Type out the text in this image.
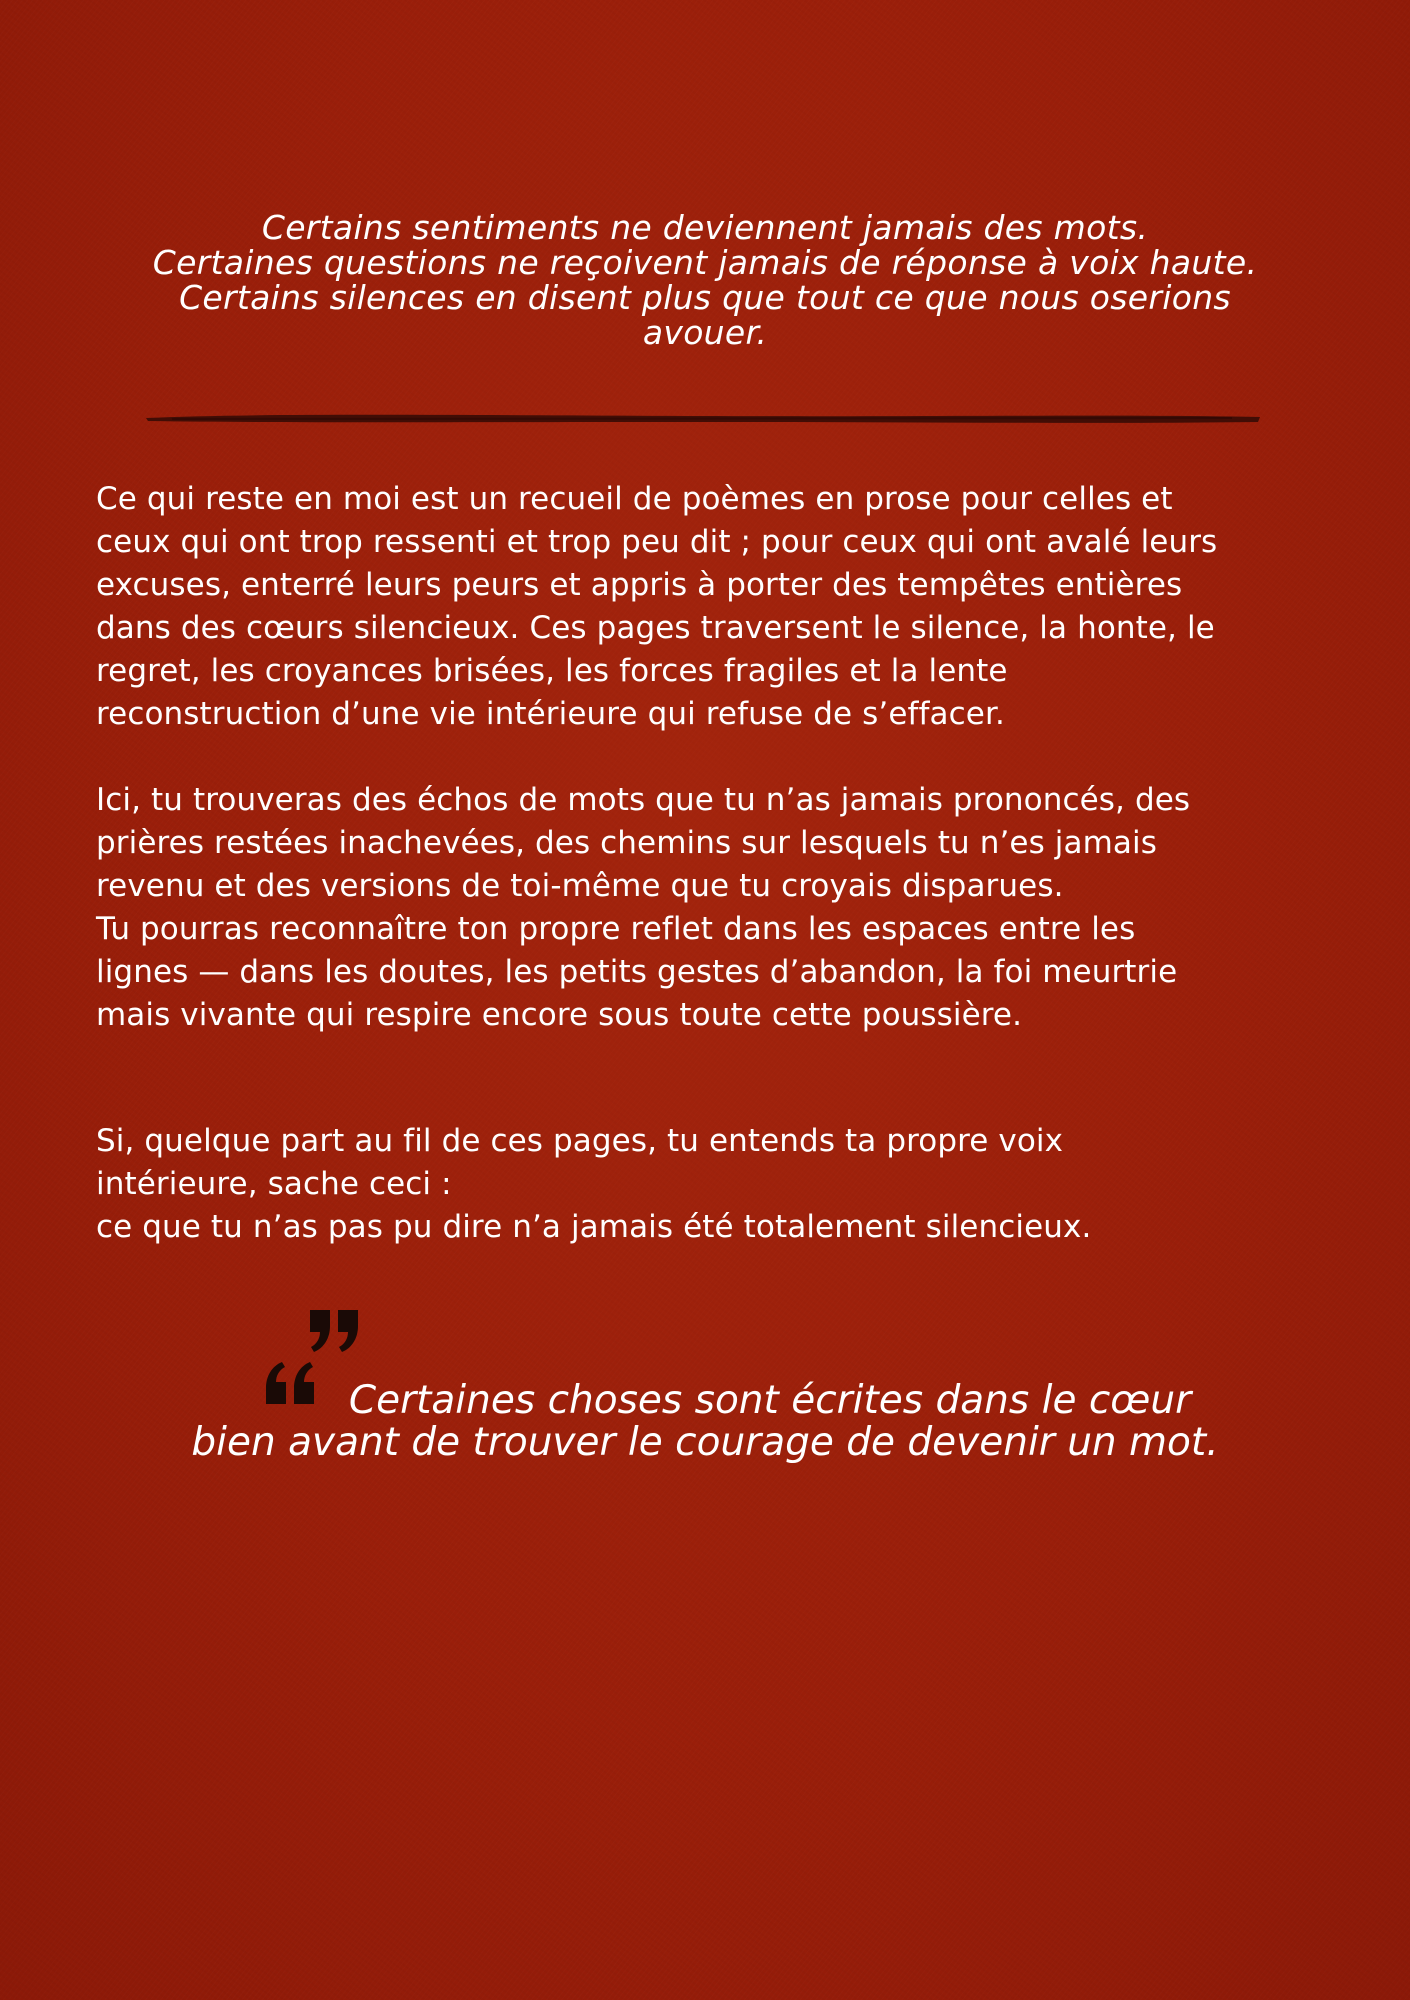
Certains sentiments ne deviennent jamais des mots.
Certaines questions ne reçoivent jamais de réponse à voix haute.
Certains silences en disent plus que tout ce que nous oserions
avouer.
Ce qui reste en moi est un recueil de poèmes en prose pour celles et
ceux qui ont trop ressenti et trop peu dit ; pour ceux qui ont avalé leurs
excuses, enterré leurs peurs et appris à porter des tempêtes entières
dans des cœurs silencieux. Ces pages traversent le silence, la honte, le
regret, les croyances brisées, les forces fragiles et la lente
reconstruction d’une vie intérieure qui refuse de s’effacer.
Ici, tu trouveras des échos de mots que tu n’as jamais prononcés, des
prières restées inachevées, des chemins sur lesquels tu n’es jamais
revenu et des versions de toi-même que tu croyais disparues.
Tu pourras reconnaître ton propre reflet dans les espaces entre les
lignes — dans les doutes, les petits gestes d’abandon, la foi meurtrie
mais vivante qui respire encore sous toute cette poussière.
Si, quelque part au fil de ces pages, tu entends ta propre voix
intérieure, sache ceci :
ce que tu n’as pas pu dire n’a jamais été totalement silencieux.
Certaines choses sont écrites dans le cœur
bien avant de trouver le courage de devenir un mot.
